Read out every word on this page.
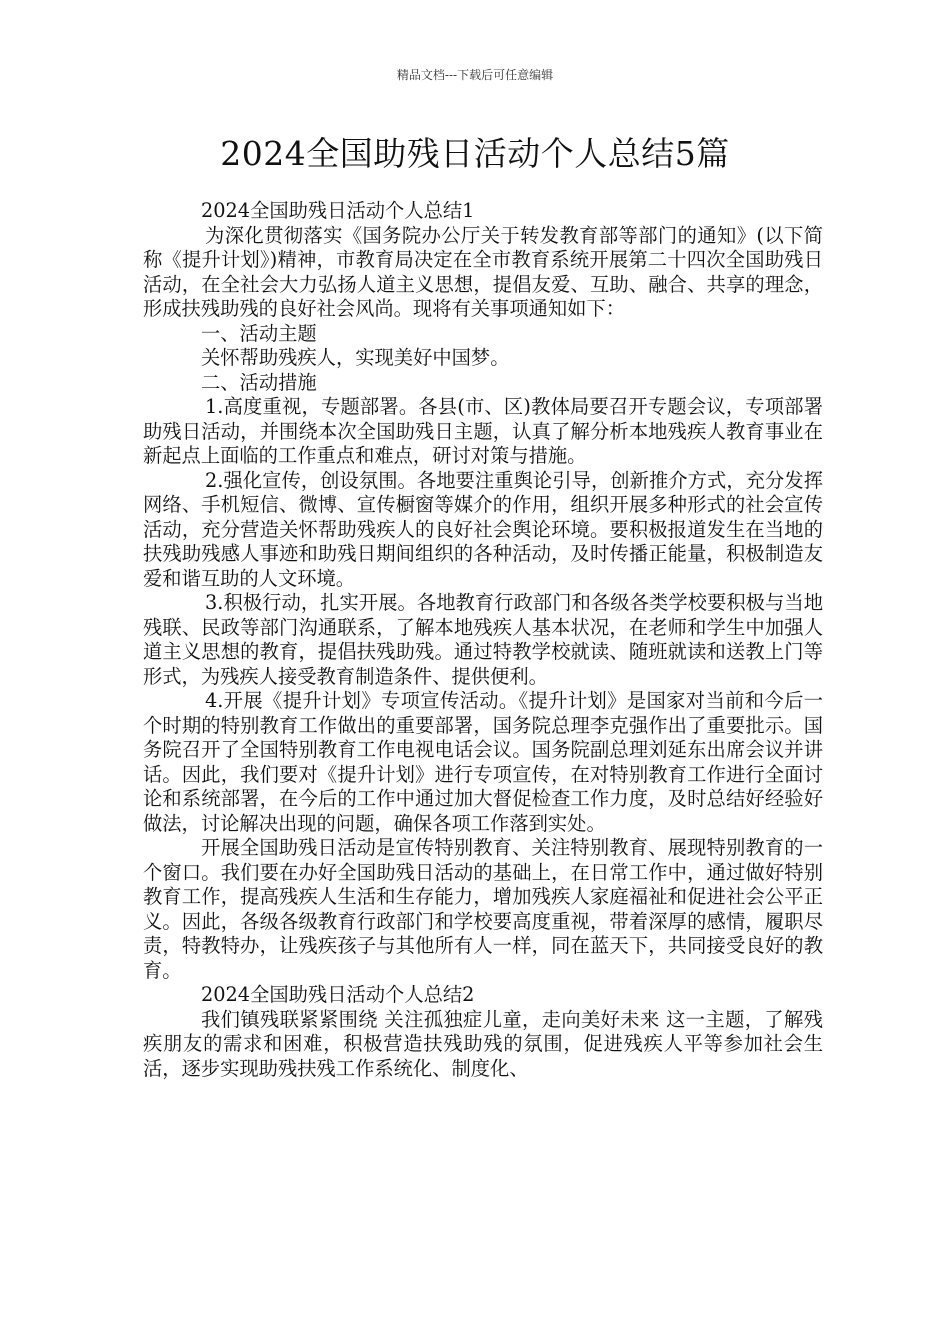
精品文档---下载后可任意编辑
2024全国助残日活动个人总结5篇

2024全国助残日活动个人总结1

为深化贯彻落实《国务院办公厅关于转发教育部等部门的通知》(以下简称《提升计划》)精神，市教育局决定在全市教育系统开展第二十四次全国助残日活动，在全社会大力弘扬人道主义思想，提倡友爱、互助、融合、共享的理念，形成扶残助残的良好社会风尚。现将有关事项通知如下：

一、活动主题

关怀帮助残疾人，实现美好中国梦。

二、活动措施

1.高度重视，专题部署。各县(市、区)教体局要召开专题会议，专项部署助残日活动，并围绕本次全国助残日主题，认真了解分析本地残疾人教育事业在新起点上面临的工作重点和难点，研讨对策与措施。

2.强化宣传，创设氛围。各地要注重舆论引导，创新推介方式，充分发挥网络、手机短信、微博、宣传橱窗等媒介的作用，组织开展多种形式的社会宣传活动，充分营造关怀帮助残疾人的良好社会舆论环境。要积极报道发生在当地的扶残助残感人事迹和助残日期间组织的各种活动，及时传播正能量，积极制造友爱和谐互助的人文环境。

3.积极行动，扎实开展。各地教育行政部门和各级各类学校要积极与当地残联、民政等部门沟通联系，了解本地残疾人基本状况，在老师和学生中加强人道主义思想的教育，提倡扶残助残。通过特教学校就读、随班就读和送教上门等形式，为残疾人接受教育制造条件、提供便利。

4.开展《提升计划》专项宣传活动。《提升计划》是国家对当前和今后一个时期的特别教育工作做出的重要部署，国务院总理李克强作出了重要批示。国务院召开了全国特别教育工作电视电话会议。国务院副总理刘延东出席会议并讲话。因此，我们要对《提升计划》进行专项宣传，在对特别教育工作进行全面讨论和系统部署，在今后的工作中通过加大督促检查工作力度，及时总结好经验好做法，讨论解决出现的问题，确保各项工作落到实处。

开展全国助残日活动是宣传特别教育、关注特别教育、展现特别教育的一个窗口。我们要在办好全国助残日活动的基础上，在日常工作中，通过做好特别教育工作，提高残疾人生活和生存能力，增加残疾人家庭福祉和促进社会公平正义。因此，各级各级教育行政部门和学校要高度重视，带着深厚的感情，履职尽责，特教特办，让残疾孩子与其他所有人一样，同在蓝天下，共同接受良好的教育。

2024全国助残日活动个人总结2

我们镇残联紧紧围绕 关注孤独症儿童，走向美好未来 这一主题，了解残疾朋友的需求和困难，积极营造扶残助残的氛围，促进残疾人平等参加社会生活，逐步实现助残扶残工作系统化、制度化、
